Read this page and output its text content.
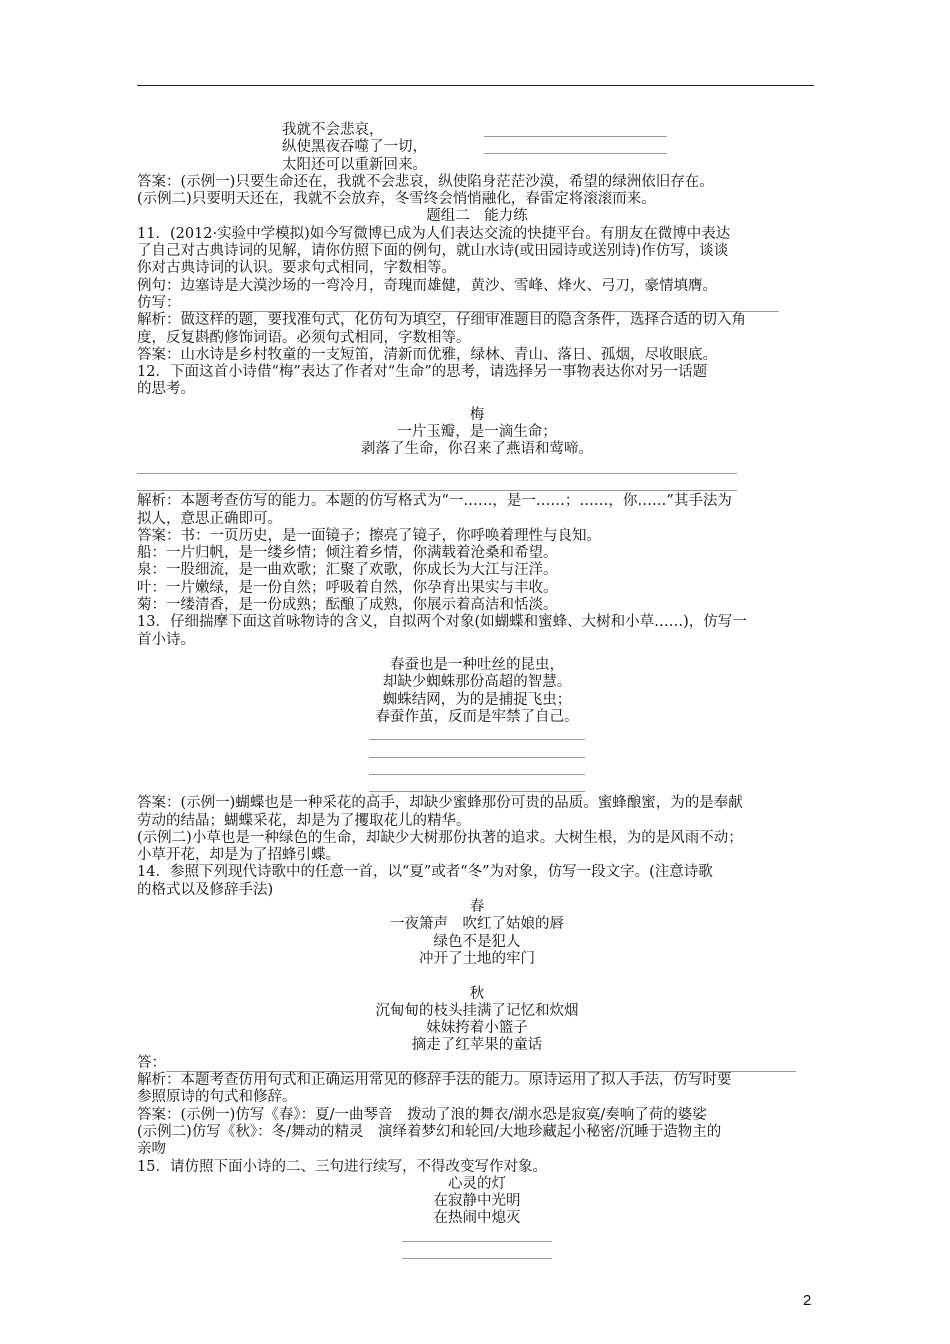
我就不会悲哀，
纵使黑夜吞噬了一切，
太阳还可以重新回来。
答案：(示例一)只要生命还在，我就不会悲哀，纵使陷身茫茫沙漠，希望的绿洲依旧存在。
(示例二)只要明天还在，我就不会放弃，冬雪终会悄悄融化，春雷定将滚滚而来。
题组二　能力练
11．(2012·实验中学模拟)如今写微博已成为人们表达交流的快捷平台。有朋友在微博中表达
了自己对古典诗词的见解，请你仿照下面的例句，就山水诗(或田园诗或送别诗)作仿写，谈谈
你对古典诗词的认识。要求句式相同，字数相等。
例句：边塞诗是大漠沙场的一弯冷月，奇瑰而雄健，黄沙、雪峰、烽火、弓刀，豪情填膺。
仿写：
解析：做这样的题，要找准句式，化仿句为填空，仔细审准题目的隐含条件，选择合适的切入角
度，反复斟酌修饰词语。必须句式相同，字数相等。
答案：山水诗是乡村牧童的一支短笛，清新而优雅，绿林、青山、落日、孤烟，尽收眼底。
12．下面这首小诗借“梅”表达了作者对“生命”的思考，请选择另一事物表达你对另一话题
的思考。
梅
一片玉瓣，是一滴生命；
剥落了生命，你召来了燕语和莺啼。
解析：本题考查仿写的能力。本题的仿写格式为“一……，是一……；……，你……”其手法为
拟人，意思正确即可。
答案：书：一页历史，是一面镜子；擦亮了镜子，你呼唤着理性与良知。
船：一片归帆，是一缕乡情；倾注着乡情，你满载着沧桑和希望。
泉：一股细流，是一曲欢歌；汇聚了欢歌，你成长为大江与汪洋。
叶：一片嫩绿，是一份自然；呼吸着自然，你孕育出果实与丰收。
菊：一缕清香，是一份成熟；酝酿了成熟，你展示着高洁和恬淡。
13．仔细揣摩下面这首咏物诗的含义，自拟两个对象(如蝴蝶和蜜蜂、大树和小草……)，仿写一
首小诗。
春蚕也是一种吐丝的昆虫，
却缺少蜘蛛那份高超的智慧。
蜘蛛结网，为的是捕捉飞虫；
春蚕作茧，反而是牢禁了自己。
答案：(示例一)蝴蝶也是一种采花的高手，却缺少蜜蜂那份可贵的品质。蜜蜂酿蜜，为的是奉献
劳动的结晶；蝴蝶采花，却是为了攫取花儿的精华。
(示例二)小草也是一种绿色的生命，却缺少大树那份执著的追求。大树生根，为的是风雨不动；
小草开花，却是为了招蜂引蝶。
14．参照下列现代诗歌中的任意一首，以“夏”或者“冬”为对象，仿写一段文字。(注意诗歌
的格式以及修辞手法)
春
一夜箫声　吹红了姑娘的唇
绿色不是犯人
冲开了土地的牢门
秋
沉甸甸的枝头挂满了记忆和炊烟
妹妹挎着小篮子
摘走了红苹果的童话
答：
解析：本题考查仿用句式和正确运用常见的修辞手法的能力。原诗运用了拟人手法，仿写时要
参照原诗的句式和修辞。
答案：(示例一)仿写《春》：夏/一曲琴音　拨动了浪的舞衣/湖水恐是寂寞/奏响了荷的婆娑
(示例二)仿写《秋》：冬/舞动的精灵　演绎着梦幻和轮回/大地珍藏起小秘密/沉睡于造物主的
亲吻
15．请仿照下面小诗的二、三句进行续写，不得改变写作对象。
心灵的灯
在寂静中光明
在热闹中熄灭
2
